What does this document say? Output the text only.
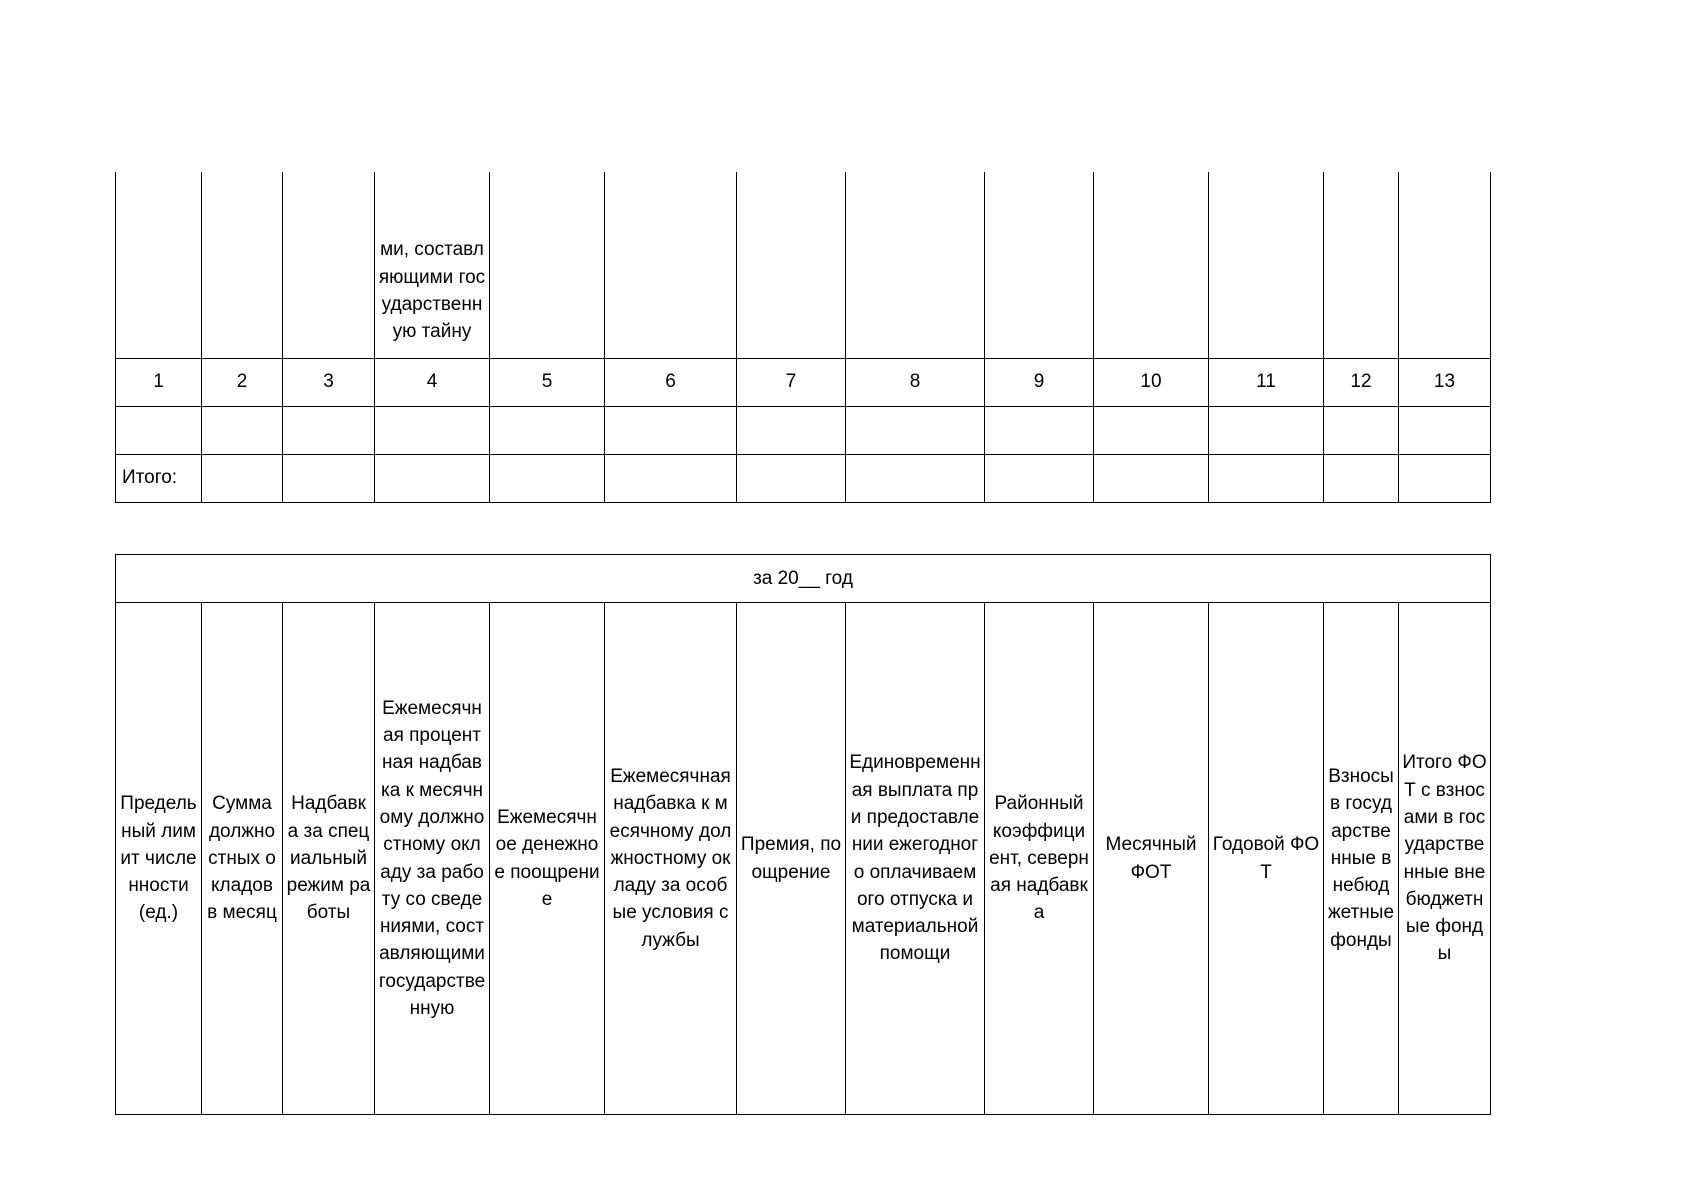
			ми, составляющими государственную тайну									
1	2	3	4	5	6	7	8	9	10	11	12	13

Итого:												
за 20__ год
Предельный лимит численности (ед.)	Сумма должностных окладов в месяц	Надбавка за специальный режим работы	Ежемесячная процентная надбавка к месячному должностному окладу за работу со сведениями, составляющими государственную	Ежемесячное денежное поощрение	Ежемесячная надбавка к месячному должностному окладу за особые условия службы	Премия, поощрение	Единовременная выплата при предоставлении ежегодного оплачиваемого отпуска и материальной помощи	Районный коэффициент, северная надбавка	Месячный ФОТ	Годовой ФОТ	Взносы в государственные внебюджетные фонды	Итого ФОТ с взносами в государственные внебюджетные фонды
